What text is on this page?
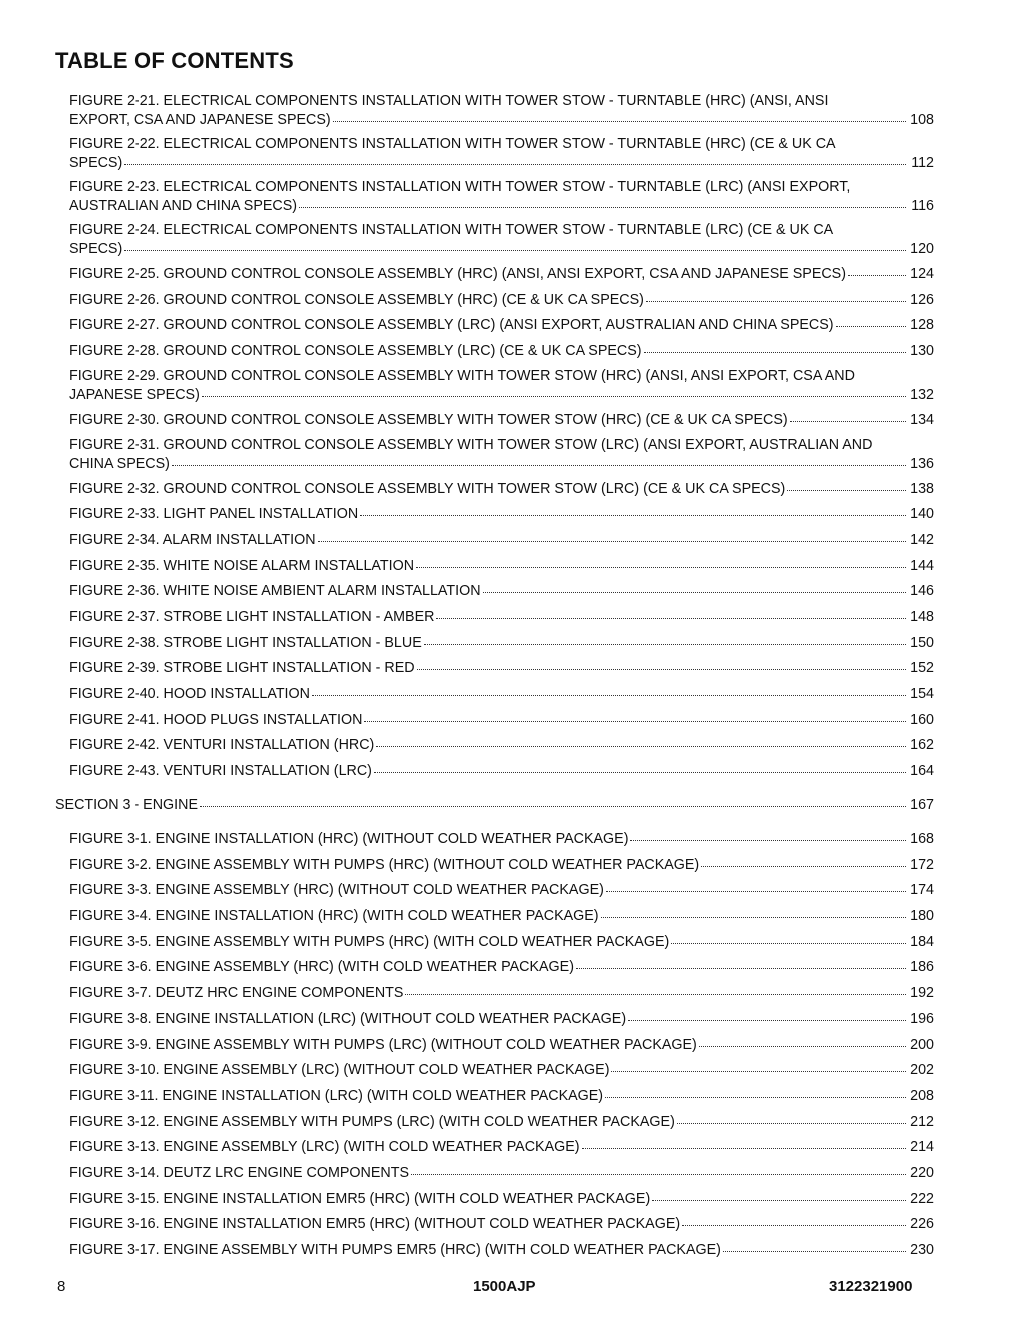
TABLE OF CONTENTS
FIGURE 2-21. ELECTRICAL COMPONENTS INSTALLATION WITH TOWER STOW - TURNTABLE (HRC) (ANSI, ANSI
EXPORT, CSA AND JAPANESE SPECS)	108
FIGURE 2-22. ELECTRICAL COMPONENTS INSTALLATION WITH TOWER STOW - TURNTABLE (HRC) (CE & UK CA
SPECS)	112
FIGURE 2-23. ELECTRICAL COMPONENTS INSTALLATION WITH TOWER STOW - TURNTABLE (LRC) (ANSI EXPORT,
AUSTRALIAN AND CHINA SPECS)	116
FIGURE 2-24. ELECTRICAL COMPONENTS INSTALLATION WITH TOWER STOW - TURNTABLE (LRC) (CE & UK CA
SPECS)	120
FIGURE 2-25. GROUND CONTROL CONSOLE ASSEMBLY (HRC) (ANSI, ANSI EXPORT, CSA AND JAPANESE SPECS)	124
FIGURE 2-26. GROUND CONTROL CONSOLE ASSEMBLY (HRC) (CE & UK CA SPECS)	126
FIGURE 2-27. GROUND CONTROL CONSOLE ASSEMBLY (LRC) (ANSI EXPORT, AUSTRALIAN AND CHINA SPECS)	128
FIGURE 2-28. GROUND CONTROL CONSOLE ASSEMBLY (LRC) (CE & UK CA SPECS)	130
FIGURE 2-29. GROUND CONTROL CONSOLE ASSEMBLY WITH TOWER STOW (HRC) (ANSI, ANSI EXPORT, CSA AND
JAPANESE SPECS)	132
FIGURE 2-30. GROUND CONTROL CONSOLE ASSEMBLY WITH TOWER STOW (HRC) (CE & UK CA SPECS)	134
FIGURE 2-31. GROUND CONTROL CONSOLE ASSEMBLY WITH TOWER STOW (LRC) (ANSI EXPORT, AUSTRALIAN AND
CHINA SPECS)	136
FIGURE 2-32. GROUND CONTROL CONSOLE ASSEMBLY WITH TOWER STOW (LRC) (CE & UK CA SPECS)	138
FIGURE 2-33. LIGHT PANEL INSTALLATION	140
FIGURE 2-34. ALARM INSTALLATION	142
FIGURE 2-35. WHITE NOISE ALARM INSTALLATION	144
FIGURE 2-36. WHITE NOISE AMBIENT ALARM INSTALLATION	146
FIGURE 2-37. STROBE LIGHT INSTALLATION - AMBER	148
FIGURE 2-38. STROBE LIGHT INSTALLATION - BLUE	150
FIGURE 2-39. STROBE LIGHT INSTALLATION - RED	152
FIGURE 2-40. HOOD INSTALLATION	154
FIGURE 2-41. HOOD PLUGS INSTALLATION	160
FIGURE 2-42. VENTURI INSTALLATION (HRC)	162
FIGURE 2-43. VENTURI INSTALLATION (LRC)	164
SECTION 3 - ENGINE	167
FIGURE 3-1. ENGINE INSTALLATION (HRC) (WITHOUT COLD WEATHER PACKAGE)	168
FIGURE 3-2. ENGINE ASSEMBLY WITH PUMPS (HRC) (WITHOUT COLD WEATHER PACKAGE)	172
FIGURE 3-3. ENGINE ASSEMBLY (HRC) (WITHOUT COLD WEATHER PACKAGE)	174
FIGURE 3-4. ENGINE INSTALLATION (HRC) (WITH COLD WEATHER PACKAGE)	180
FIGURE 3-5. ENGINE ASSEMBLY WITH PUMPS (HRC) (WITH COLD WEATHER PACKAGE)	184
FIGURE 3-6. ENGINE ASSEMBLY (HRC) (WITH COLD WEATHER PACKAGE)	186
FIGURE 3-7. DEUTZ HRC ENGINE COMPONENTS	192
FIGURE 3-8. ENGINE INSTALLATION (LRC) (WITHOUT COLD WEATHER PACKAGE)	196
FIGURE 3-9. ENGINE ASSEMBLY WITH PUMPS (LRC) (WITHOUT COLD WEATHER PACKAGE)	200
FIGURE 3-10. ENGINE ASSEMBLY (LRC) (WITHOUT COLD WEATHER PACKAGE)	202
FIGURE 3-11. ENGINE INSTALLATION (LRC) (WITH COLD WEATHER PACKAGE)	208
FIGURE 3-12. ENGINE ASSEMBLY WITH PUMPS (LRC) (WITH COLD WEATHER PACKAGE)	212
FIGURE 3-13. ENGINE ASSEMBLY (LRC) (WITH COLD WEATHER PACKAGE)	214
FIGURE 3-14. DEUTZ LRC ENGINE COMPONENTS	220
FIGURE 3-15. ENGINE INSTALLATION EMR5 (HRC) (WITH COLD WEATHER PACKAGE)	222
FIGURE 3-16. ENGINE INSTALLATION EMR5 (HRC) (WITHOUT COLD WEATHER PACKAGE)	226
FIGURE 3-17. ENGINE ASSEMBLY WITH PUMPS EMR5 (HRC) (WITH COLD WEATHER PACKAGE)	230
8	1500AJP	3122321900
